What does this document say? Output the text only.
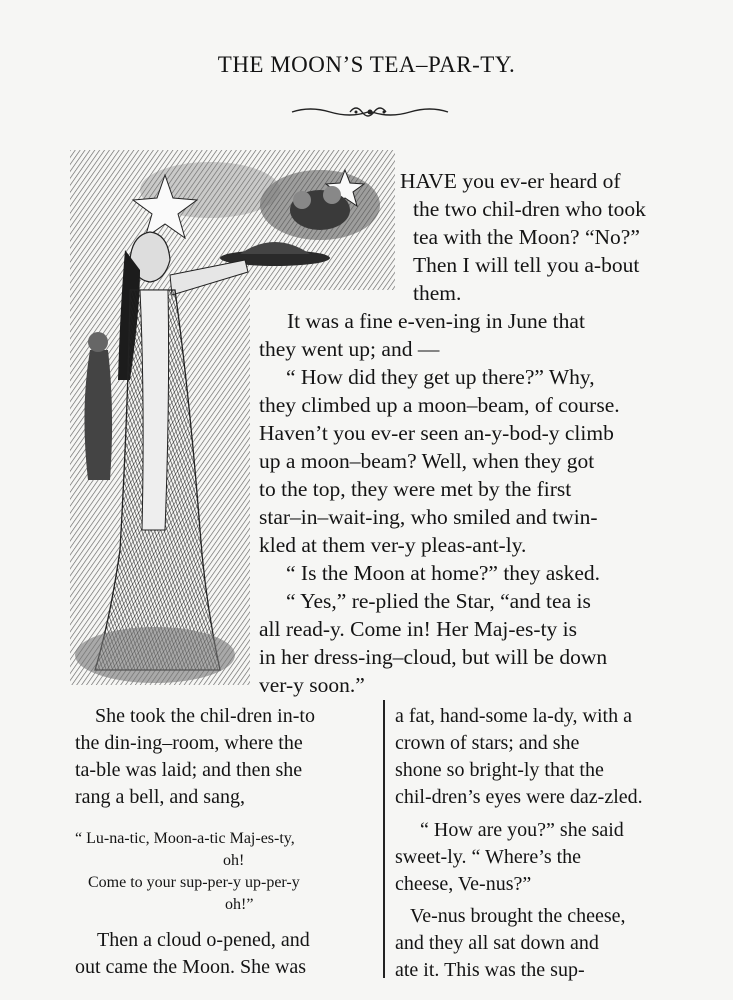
THE MOON’S TEA–PAR-TY.
HAVE you ev-er heard of
the two chil-dren who took
tea with the Moon? “No?”
Then I will tell you a-bout
them.
It was a fine e-ven-ing in June that
they went up; and —
“ How did they get up there?” Why,
they climbed up a moon–beam, of course.
Haven’t you ev-er seen an-y-bod-y climb
up a moon–beam? Well, when they got
to the top, they were met by the first
star–in–wait-ing, who smiled and twin-
kled at them ver-y pleas-ant-ly.
“ Is the Moon at home?” they asked.
“ Yes,” re-plied the Star, “and tea is
all read-y. Come in! Her Maj-es-ty is
in her dress-ing–cloud, but will be down
ver-y soon.”
She took the chil-dren in-to
the din-ing–room, where the
ta-ble was laid; and then she
rang a bell, and sang,
“ Lu-na-tic, Moon-a-tic Maj-es-ty,
oh!
Come to your sup-per-y up-per-y
oh!”
Then a cloud o-pened, and
out came the Moon. She was
a fat, hand-some la-dy, with a
crown of stars; and she
shone so bright-ly that the
chil-dren’s eyes were daz-zled.
“ How are you?” she said
sweet-ly. “ Where’s the
cheese, Ve-nus?”
Ve-nus brought the cheese,
and they all sat down and
ate it. This was the sup-
